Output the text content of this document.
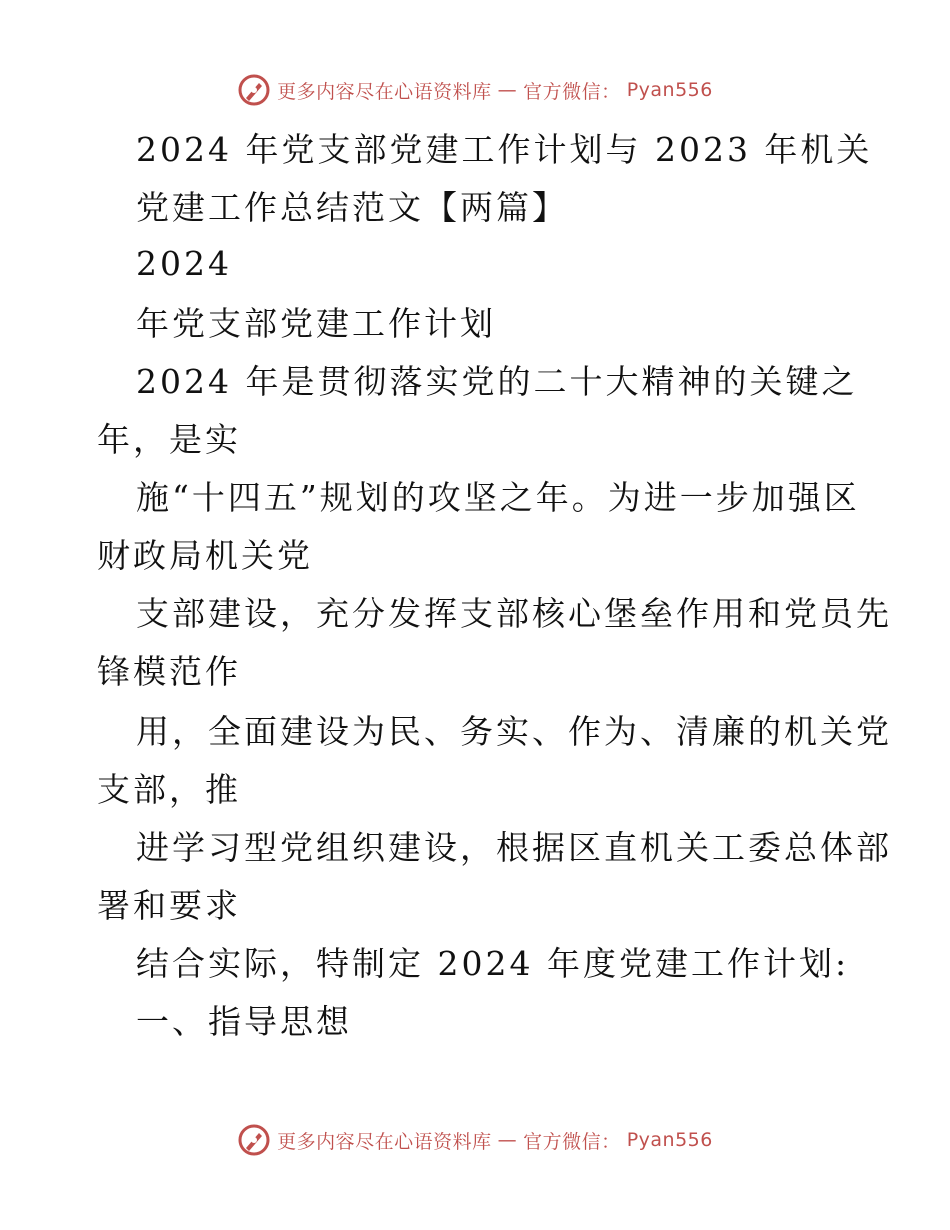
更多内容尽在心语资料库 — 官方微信： Pyan556
2024 年党支部党建工作计划与 2023 年机关
党建工作总结范文【两篇】
2024
年党支部党建工作计划
2024 年是贯彻落实党的二十大精神的关键之
年，是实
施“十四五”规划的攻坚之年。为进一步加强区
财政局机关党
支部建设，充分发挥支部核心堡垒作用和党员先
锋模范作
用，全面建设为民、务实、作为、清廉的机关党
支部，推
进学习型党组织建设，根据区直机关工委总体部
署和要求
结合实际，特制定 2024 年度党建工作计划:
一、指导思想
更多内容尽在心语资料库 — 官方微信： Pyan556
